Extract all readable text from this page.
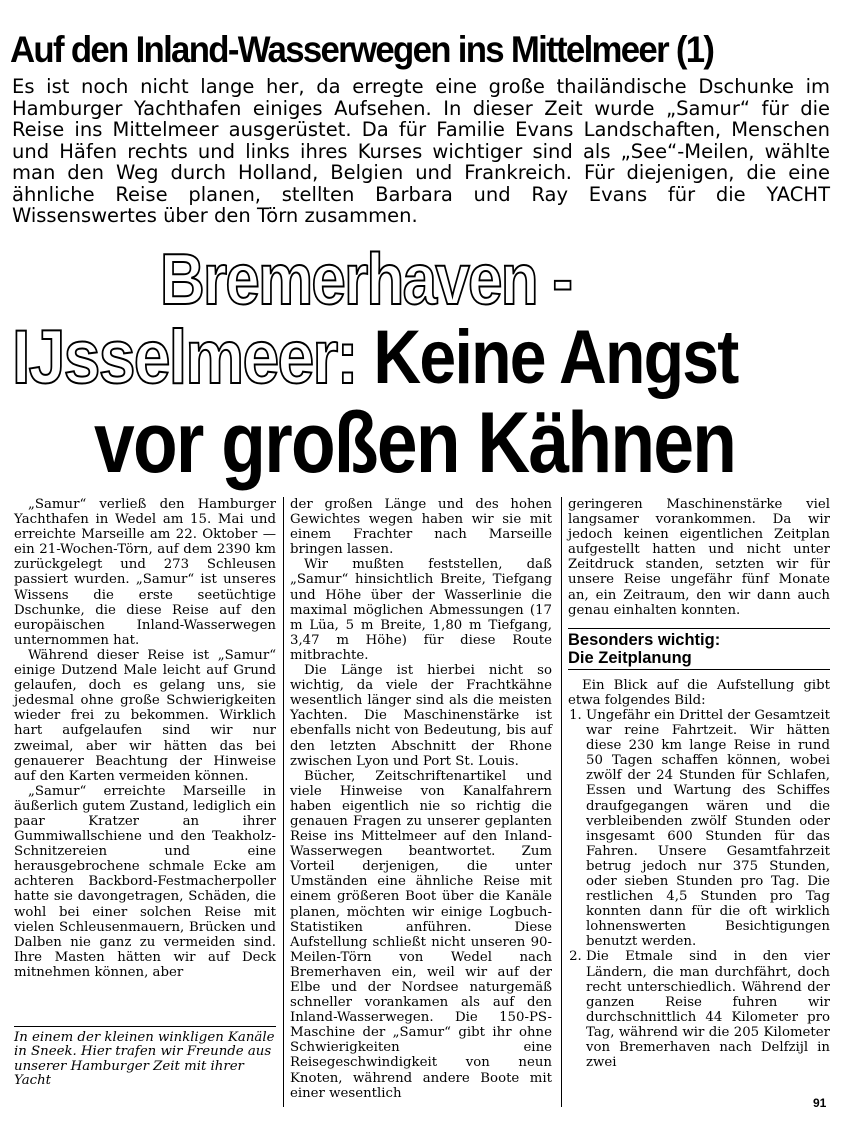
Auf den Inland-Wasserwegen ins Mittelmeer (1)
Es ist noch nicht lange her, da erregte eine große thailändische Dschunke im Hamburger Yachthafen einiges Aufsehen. In dieser Zeit wurde „Samur“ für die Reise ins Mittelmeer ausgerüstet. Da für Familie Evans Landschaften, Menschen und Häfen rechts und links ihres Kurses wichtiger sind als „See“-Meilen, wählte man den Weg durch Holland, Belgien und Frankreich. Für diejenigen, die eine ähnliche Reise planen, stellten Barbara und Ray Evans für die YACHT Wissenswertes über den Törn zusammen.
Bremerhaven -
IJsselmeer: Keine Angst
vor großen Kähnen

„Samur“ verließ den Hamburger Yachthafen in Wedel am 15. Mai und erreichte Marseille am 22. Oktober — ein 21-Wochen-Törn, auf dem 2390 km zurückgelegt und 273 Schleusen passiert wurden. „Samur“ ist unseres Wissens die erste seetüchtige Dschunke, die diese Reise auf den europäischen Inland-Wasserwegen unternommen hat.

Während dieser Reise ist „Samur“ einige Dutzend Male leicht auf Grund gelaufen, doch es gelang uns, sie jedesmal ohne große Schwierigkeiten wieder frei zu bekommen. Wirklich hart aufgelaufen sind wir nur zweimal, aber wir hätten das bei genauerer Beachtung der Hinweise auf den Karten vermeiden können.

„Samur“ erreichte Marseille in äußerlich gutem Zustand, lediglich ein paar Kratzer an ihrer Gummiwallschiene und den Teakholz-Schnitzereien und eine herausgebrochene schmale Ecke am achteren Backbord-Festmacherpoller hatte sie davongetragen, Schäden, die wohl bei einer solchen Reise mit vielen Schleusenmauern, Brücken und Dalben nie ganz zu vermeiden sind. Ihre Masten hätten wir auf Deck mitnehmen können, aber

In einem der kleinen winkligen Kanäle in Sneek. Hier trafen wir Freunde aus unserer Hamburger Zeit mit ihrer Yacht

der großen Länge und des hohen Gewichtes wegen haben wir sie mit einem Frachter nach Marseille bringen lassen.

Wir mußten feststellen, daß „Samur“ hinsichtlich Breite, Tiefgang und Höhe über der Wasserlinie die maximal möglichen Abmessungen (17 m Lüa, 5 m Breite, 1,80 m Tiefgang, 3,47 m Höhe) für diese Route mitbrachte.

Die Länge ist hierbei nicht so wichtig, da viele der Frachtkähne wesentlich länger sind als die meisten Yachten. Die Maschinenstärke ist ebenfalls nicht von Bedeutung, bis auf den letzten Abschnitt der Rhone zwischen Lyon und Port St. Louis.

Bücher, Zeitschriftenartikel und viele Hinweise von Kanalfahrern haben eigentlich nie so richtig die genauen Fragen zu unserer geplanten Reise ins Mittelmeer auf den Inland-Wasserwegen beantwortet. Zum Vorteil derjenigen, die unter Umständen eine ähnliche Reise mit einem größeren Boot über die Kanäle planen, möchten wir einige Logbuch-Statistiken anführen. Diese Aufstellung schließt nicht unseren 90-Meilen-Törn von Wedel nach Bremerhaven ein, weil wir auf der Elbe und der Nordsee naturgemäß schneller vorankamen als auf den Inland-Wasserwegen. Die 150-PS-Maschine der „Samur“ gibt ihr ohne Schwierigkeiten eine Reisegeschwindigkeit von neun Knoten, während andere Boote mit einer wesentlich

geringeren Maschinenstärke viel langsamer vorankommen. Da wir jedoch keinen eigentlichen Zeitplan aufgestellt hatten und nicht unter Zeitdruck standen, setzten wir für unsere Reise ungefähr fünf Monate an, ein Zeitraum, den wir dann auch genau einhalten konnten.

Besonders wichtig:
Die Zeitplanung

Ein Blick auf die Aufstellung gibt etwa folgendes Bild:

1. Ungefähr ein Drittel der Gesamtzeit war reine Fahrtzeit. Wir hätten diese 230 km lange Reise in rund 50 Tagen schaffen können, wobei zwölf der 24 Stunden für Schlafen, Essen und Wartung des Schiffes draufgegangen wären und die verbleibenden zwölf Stunden oder insgesamt 600 Stunden für das Fahren. Unsere Gesamtfahrzeit betrug jedoch nur 375 Stunden, oder sieben Stunden pro Tag. Die restlichen 4,5 Stunden pro Tag konnten dann für die oft wirklich lohnenswerten Besichtigungen benutzt werden.
2. Die Etmale sind in den vier Ländern, die man durchfährt, doch recht unterschiedlich. Während der ganzen Reise fuhren wir durchschnittlich 44 Kilometer pro Tag, während wir die 205 Kilometer von Bremerhaven nach Delfzijl in zwei
91
